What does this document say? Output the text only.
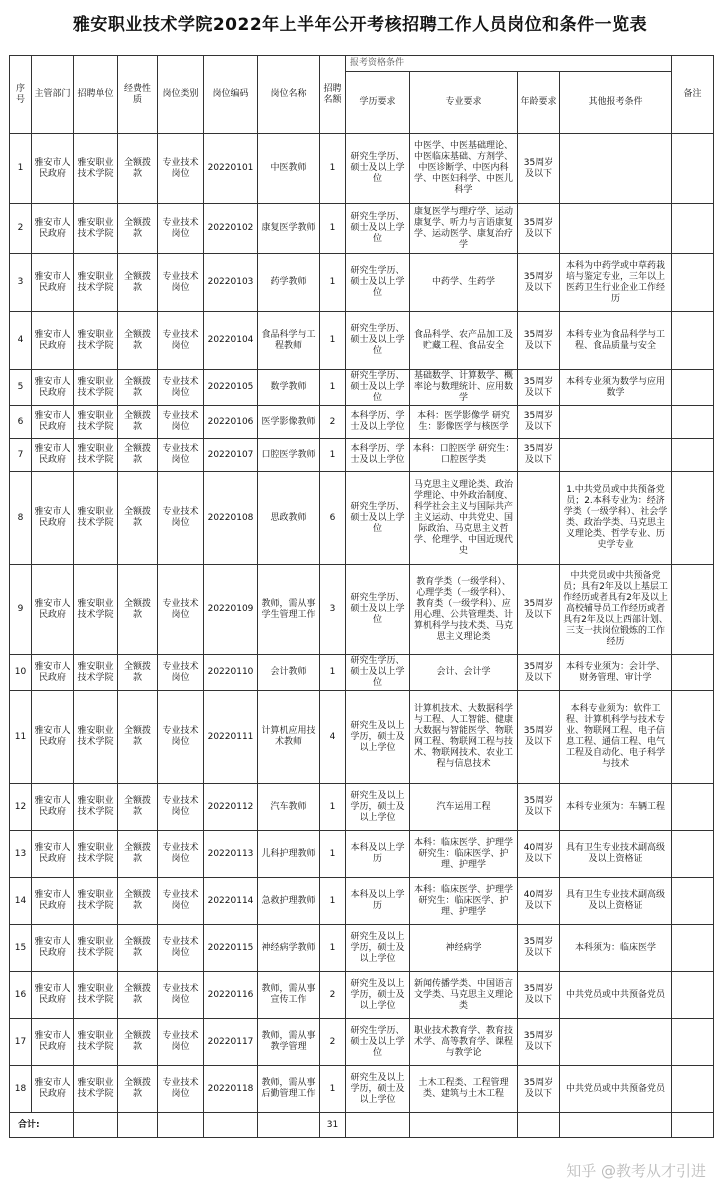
雅安职业技术学院2022年上半年公开考核招聘工作人员岗位和条件一览表
序号	主管部门	招聘单位	经费性质	岗位类别	岗位编码	岗位名称	招聘名额	报考资格条件				备注
								学历要求	专业要求	年龄要求	其他报考条件	
1	雅安市人民政府	雅安职业技术学院	全额拨款	专业技术岗位	20220101	中医教师	1	研究生学历、硕士及以上学位	中医学、中医基础理论、中医临床基础、方剂学、中医诊断学、中医内科学、中医妇科学、中医儿科学	35周岁及以下		
2	雅安市人民政府	雅安职业技术学院	全额拨款	专业技术岗位	20220102	康复医学教师	1	研究生学历、硕士及以上学位	康复医学与理疗学、运动康复学、听力与言语康复学、运动医学、康复治疗学	35周岁及以下		
3	雅安市人民政府	雅安职业技术学院	全额拨款	专业技术岗位	20220103	药学教师	1	研究生学历、硕士及以上学位	中药学、生药学	35周岁及以下	本科为中药学或中草药栽培与鉴定专业，三年以上医药卫生行业企业工作经历	
4	雅安市人民政府	雅安职业技术学院	全额拨款	专业技术岗位	20220104	食品科学与工程教师	1	研究生学历、硕士及以上学位	食品科学、农产品加工及贮藏工程、食品安全	35周岁及以下	本科专业为食品科学与工程、食品质量与安全	
5	雅安市人民政府	雅安职业技术学院	全额拨款	专业技术岗位	20220105	数学教师	1	研究生学历、硕士及以上学位	基础数学、计算数学、概率论与数理统计、应用数学	35周岁及以下	本科专业须为数学与应用数学	
6	雅安市人民政府	雅安职业技术学院	全额拨款	专业技术岗位	20220106	医学影像教师	2	本科学历、学士及以上学位	本科：医学影像学 研究生：影像医学与核医学	35周岁及以下		
7	雅安市人民政府	雅安职业技术学院	全额拨款	专业技术岗位	20220107	口腔医学教师	1	本科学历、学士及以上学位	本科：口腔医学 研究生：口腔医学类	35周岁及以下		
8	雅安市人民政府	雅安职业技术学院	全额拨款	专业技术岗位	20220108	思政教师	6	研究生学历、硕士及以上学位	马克思主义理论类、政治学理论、中外政治制度、科学社会主义与国际共产主义运动、中共党史、国际政治、马克思主义哲学、伦理学、中国近现代史		1.中共党员或中共预备党员；2.本科专业为：经济学类（一级学科）、社会学类、政治学类、马克思主义理论类、哲学专业、历史学专业	
9	雅安市人民政府	雅安职业技术学院	全额拨款	专业技术岗位	20220109	教师，需从事学生管理工作	3	研究生学历、硕士及以上学位	教育学类（一级学科）、心理学类（一级学科）、教育类（一级学科）、应用心理、公共管理类、计算机科学与技术类、马克思主义理论类	35周岁及以下	中共党员或中共预备党员；具有2年及以上基层工作经历或者具有2年及以上高校辅导员工作经历或者具有2年及以上西部计划、三支一扶岗位锻炼的工作经历	
10	雅安市人民政府	雅安职业技术学院	全额拨款	专业技术岗位	20220110	会计教师	1	研究生学历、硕士及以上学位	会计、会计学	35周岁及以下	本科专业须为：会计学、财务管理、审计学	
11	雅安市人民政府	雅安职业技术学院	全额拨款	专业技术岗位	20220111	计算机应用技术教师	4	研究生及以上学历，硕士及以上学位	计算机技术、大数据科学与工程、人工智能、健康大数据与智能医学、物联网工程、物联网工程与技术、物联网技术、农业工程与信息技术	35周岁及以下	本科专业须为：软件工程、计算机科学与技术专业、物联网工程、电子信息工程、通信工程、电气工程及自动化、电子科学与技术	
12	雅安市人民政府	雅安职业技术学院	全额拨款	专业技术岗位	20220112	汽车教师	1	研究生及以上学历，硕士及以上学位	汽车运用工程	35周岁及以下	本科专业须为：车辆工程	
13	雅安市人民政府	雅安职业技术学院	全额拨款	专业技术岗位	20220113	儿科护理教师	1	本科及以上学历	本科：临床医学、护理学 研究生：临床医学、护理、护理学	40周岁及以下	具有卫生专业技术副高级及以上资格证	
14	雅安市人民政府	雅安职业技术学院	全额拨款	专业技术岗位	20220114	急救护理教师	1	本科及以上学历	本科：临床医学、护理学 研究生：临床医学、护理、护理学	40周岁及以下	具有卫生专业技术副高级及以上资格证	
15	雅安市人民政府	雅安职业技术学院	全额拨款	专业技术岗位	20220115	神经病学教师	1	研究生及以上学历，硕士及以上学位	神经病学	35周岁及以下	本科须为：临床医学	
16	雅安市人民政府	雅安职业技术学院	全额拨款	专业技术岗位	20220116	教师，需从事宣传工作	2	研究生及以上学历，硕士及以上学位	新闻传播学类、中国语言文学类、马克思主义理论类	35周岁及以下	中共党员或中共预备党员	
17	雅安市人民政府	雅安职业技术学院	全额拨款	专业技术岗位	20220117	教师，需从事教学管理	2	研究生学历、硕士及以上学位	职业技术教育学、教育技术学、高等教育学、课程与教学论	35周岁及以下		
18	雅安市人民政府	雅安职业技术学院	全额拨款	专业技术岗位	20220118	教师，需从事后勤管理工作	1	研究生及以上学历，硕士及以上学位	土木工程类、工程管理类、建筑与土木工程	35周岁及以下	中共党员或中共预备党员	
合计:							31					
知乎 @教考从才引进
